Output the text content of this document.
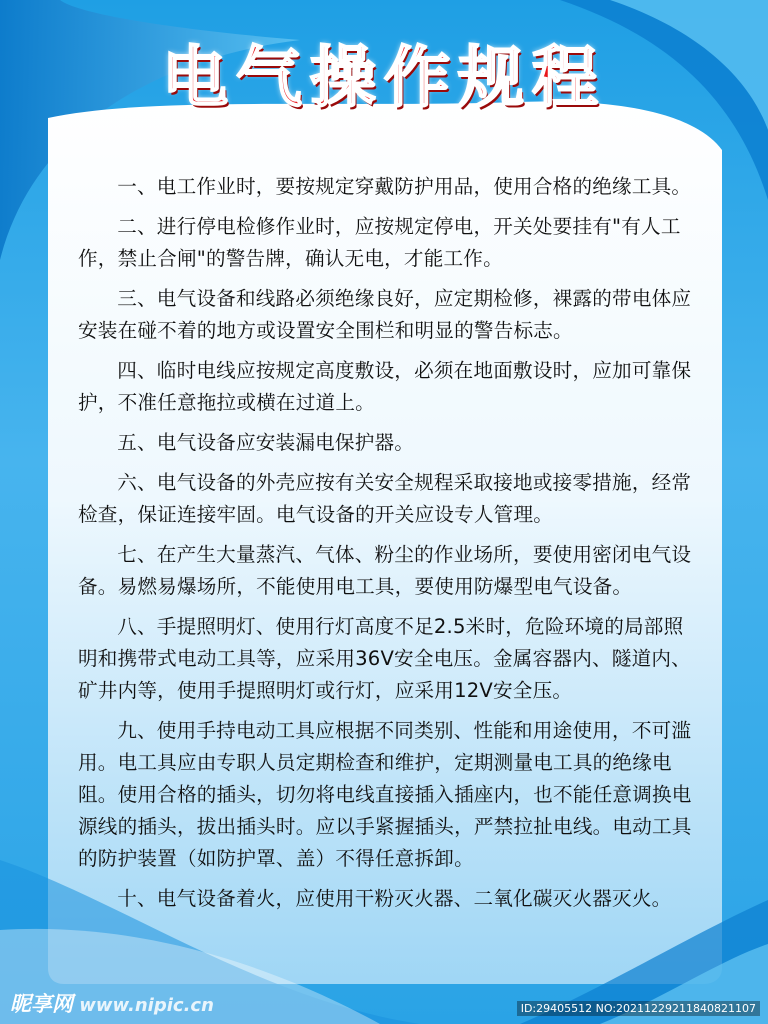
电气操作规程

一、电工作业时，要按规定穿戴防护用品，使用合格的绝缘工具。

二、进行停电检修作业时，应按规定停电，开关处要挂有"有人工作，禁止合闸"的警告牌，确认无电，才能工作。

三、电气设备和线路必须绝缘良好，应定期检修，裸露的带电体应安装在碰不着的地方或设置安全围栏和明显的警告标志。

四、临时电线应按规定高度敷设，必须在地面敷设时，应加可靠保护，不准任意拖拉或横在过道上。

五、电气设备应安装漏电保护器。

六、电气设备的外壳应按有关安全规程采取接地或接零措施，经常检查，保证连接牢固。电气设备的开关应设专人管理。

七、在产生大量蒸汽、气体、粉尘的作业场所，要使用密闭电气设备。易燃易爆场所，不能使用电工具，要使用防爆型电气设备。

八、手提照明灯、使用行灯高度不足2.5米时，危险环境的局部照明和携带式电动工具等，应采用36V安全电压。金属容器内、隧道内、矿井内等，使用手提照明灯或行灯，应采用12V安全压。

九、使用手持电动工具应根据不同类别、性能和用途使用，不可滥用。电工具应由专职人员定期检查和维护，定期测量电工具的绝缘电阻。使用合格的插头，切勿将电线直接插入插座内，也不能任意调换电源线的插头，拔出插头时。应以手紧握插头，严禁拉扯电线。电动工具的防护装置（如防护罩、盖）不得任意拆卸。

十、电气设备着火，应使用干粉灭火器、二氧化碳灭火器灭火。

昵享网 www.nipic.cn	ID:29405512 NO:20211229211840821107
